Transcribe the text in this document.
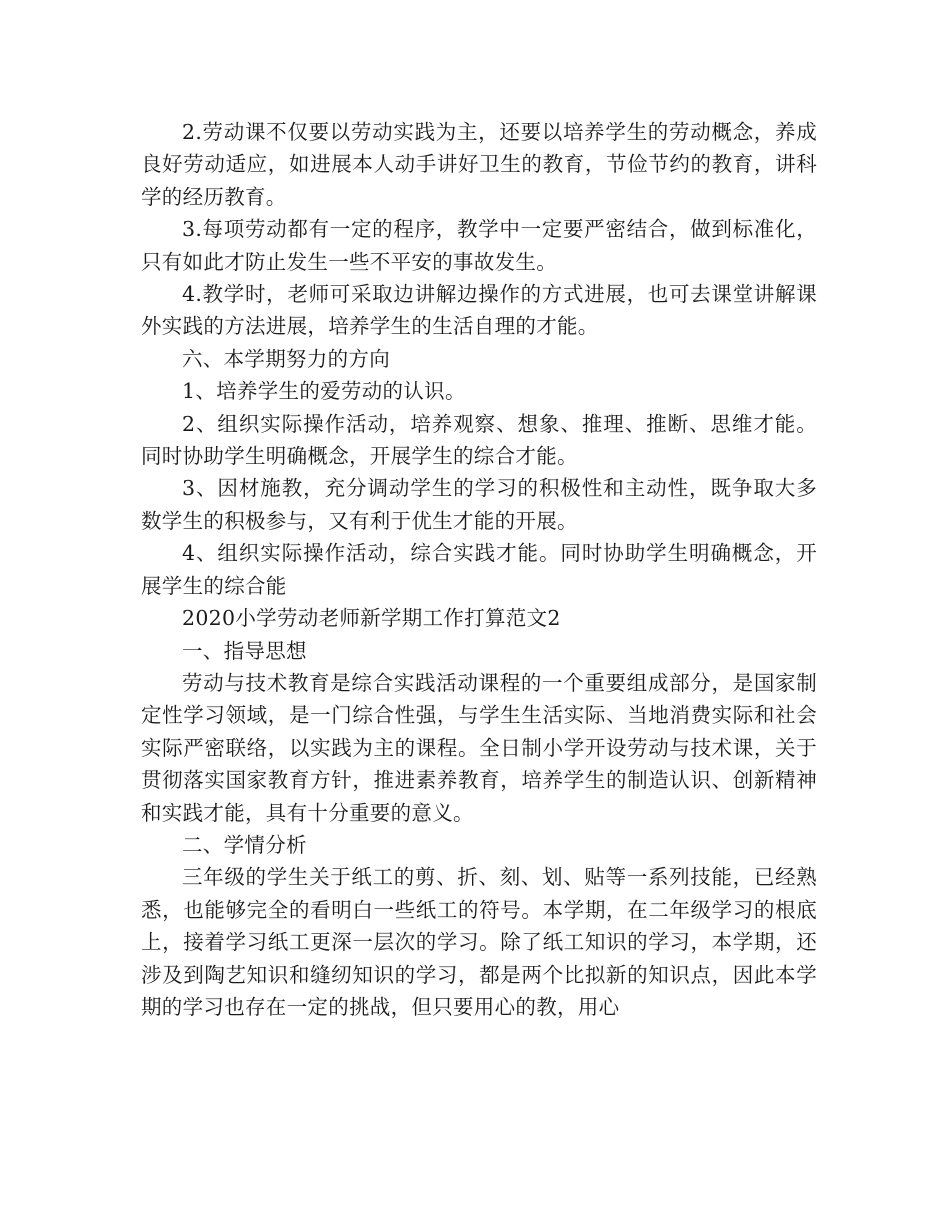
2.劳动课不仅要以劳动实践为主，还要以培养学生的劳动概念，养成良好劳动适应，如进展本人动手讲好卫生的教育，节俭节约的教育，讲科学的经历教育。

3.每项劳动都有一定的程序，教学中一定要严密结合，做到标准化，只有如此才防止发生一些不平安的事故发生。

4.教学时，老师可采取边讲解边操作的方式进展，也可去课堂讲解课外实践的方法进展，培养学生的生活自理的才能。

六、本学期努力的方向

1、培养学生的爱劳动的认识。

2、组织实际操作活动，培养观察、想象、推理、推断、思维才能。同时协助学生明确概念，开展学生的综合才能。

3、因材施教，充分调动学生的学习的积极性和主动性，既争取大多数学生的积极参与，又有利于优生才能的开展。

4、组织实际操作活动，综合实践才能。同时协助学生明确概念，开展学生的综合能

2020小学劳动老师新学期工作打算范文2

一、指导思想

劳动与技术教育是综合实践活动课程的一个重要组成部分，是国家制定性学习领域，是一门综合性强，与学生生活实际、当地消费实际和社会实际严密联络，以实践为主的课程。全日制小学开设劳动与技术课，关于贯彻落实国家教育方针，推进素养教育，培养学生的制造认识、创新精神和实践才能，具有十分重要的意义。

二、学情分析

三年级的学生关于纸工的剪、折、刻、划、贴等一系列技能，已经熟悉，也能够完全的看明白一些纸工的符号。本学期，在二年级学习的根底上，接着学习纸工更深一层次的学习。除了纸工知识的学习，本学期，还涉及到陶艺知识和缝纫知识的学习，都是两个比拟新的知识点，因此本学期的学习也存在一定的挑战，但只要用心的教，用心
